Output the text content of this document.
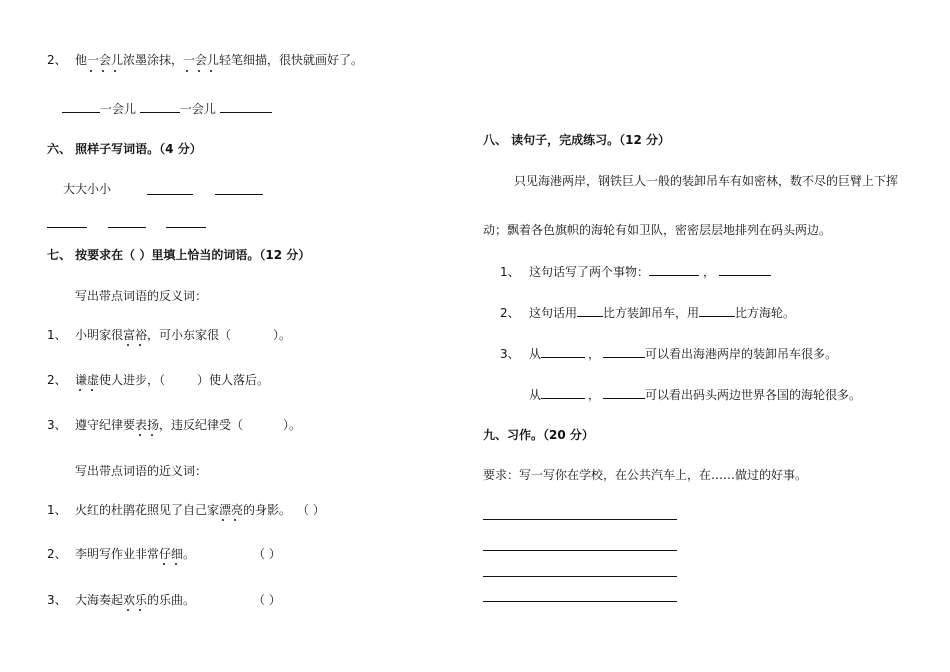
2、 他一会儿浓墨涂抹，一会儿轻笔细描，很快就画好了。
一会儿	一会儿
六、 照样子写词语。（4 分）
大大小小
七、 按要求在（ ）里填上恰当的词语。（12 分）
写出带点词语的反义词：
1、 小明家很富裕，可小东家很（	）。
2、 谦虚使人进步，（	）使人落后。
3、 遵守纪律要表扬，违反纪律受（	）。
写出带点词语的近义词：
1、 火红的杜鹃花照见了自己家漂亮的身影。 （ ）
2、 李明写作业非常仔细。	（ ）
3、 大海奏起欢乐的乐曲。	（ ）
八、 读句子，完成练习。（12 分）
只见海港两岸，钢铁巨人一般的装卸吊车有如密林，数不尽的巨臂上下挥
动；飘着各色旗帜的海轮有如卫队，密密层层地排列在码头两边。
1、 这句话写了两个事物：	，
2、 这句话用 比方装卸吊车，用	比方海轮。
3、 从	，	可以看出海港两岸的装卸吊车很多。
从	，	可以看出码头两边世界各国的海轮很多。
九、习作。（20 分）
要求：写一写你在学校，在公共汽车上，在……做过的好事。
